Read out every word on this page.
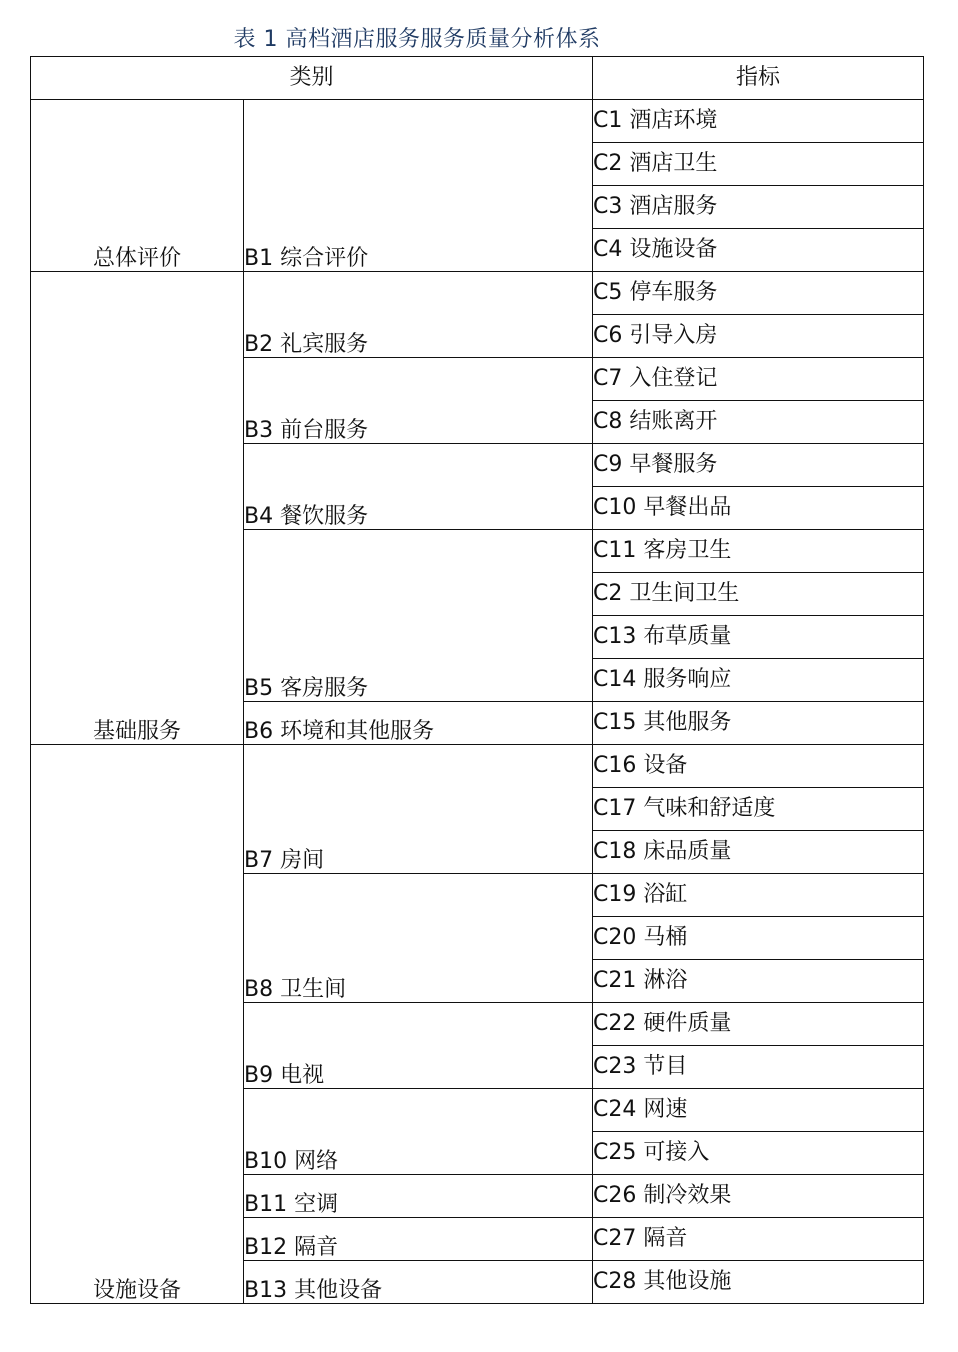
表 1 高档酒店服务服务质量分析体系
类别		指标
总体评价	B1 综合评价	C1 酒店环境
		C2 酒店卫生
		C3 酒店服务
		C4 设施设备
基础服务	B2 礼宾服务	C5 停车服务
		C6 引导入房
	B3 前台服务	C7 入住登记
		C8 结账离开
	B4 餐饮服务	C9 早餐服务
		C10 早餐出品
	B5 客房服务	C11 客房卫生
		C2 卫生间卫生
		C13 布草质量
		C14 服务响应
	B6 环境和其他服务	C15 其他服务
设施设备	B7 房间	C16 设备
		C17 气味和舒适度
		C18 床品质量
	B8 卫生间	C19 浴缸
		C20 马桶
		C21 淋浴
	B9 电视	C22 硬件质量
		C23 节目
	B10 网络	C24 网速
		C25 可接入
	B11 空调	C26 制冷效果
	B12 隔音	C27 隔音
	B13 其他设备	C28 其他设施
